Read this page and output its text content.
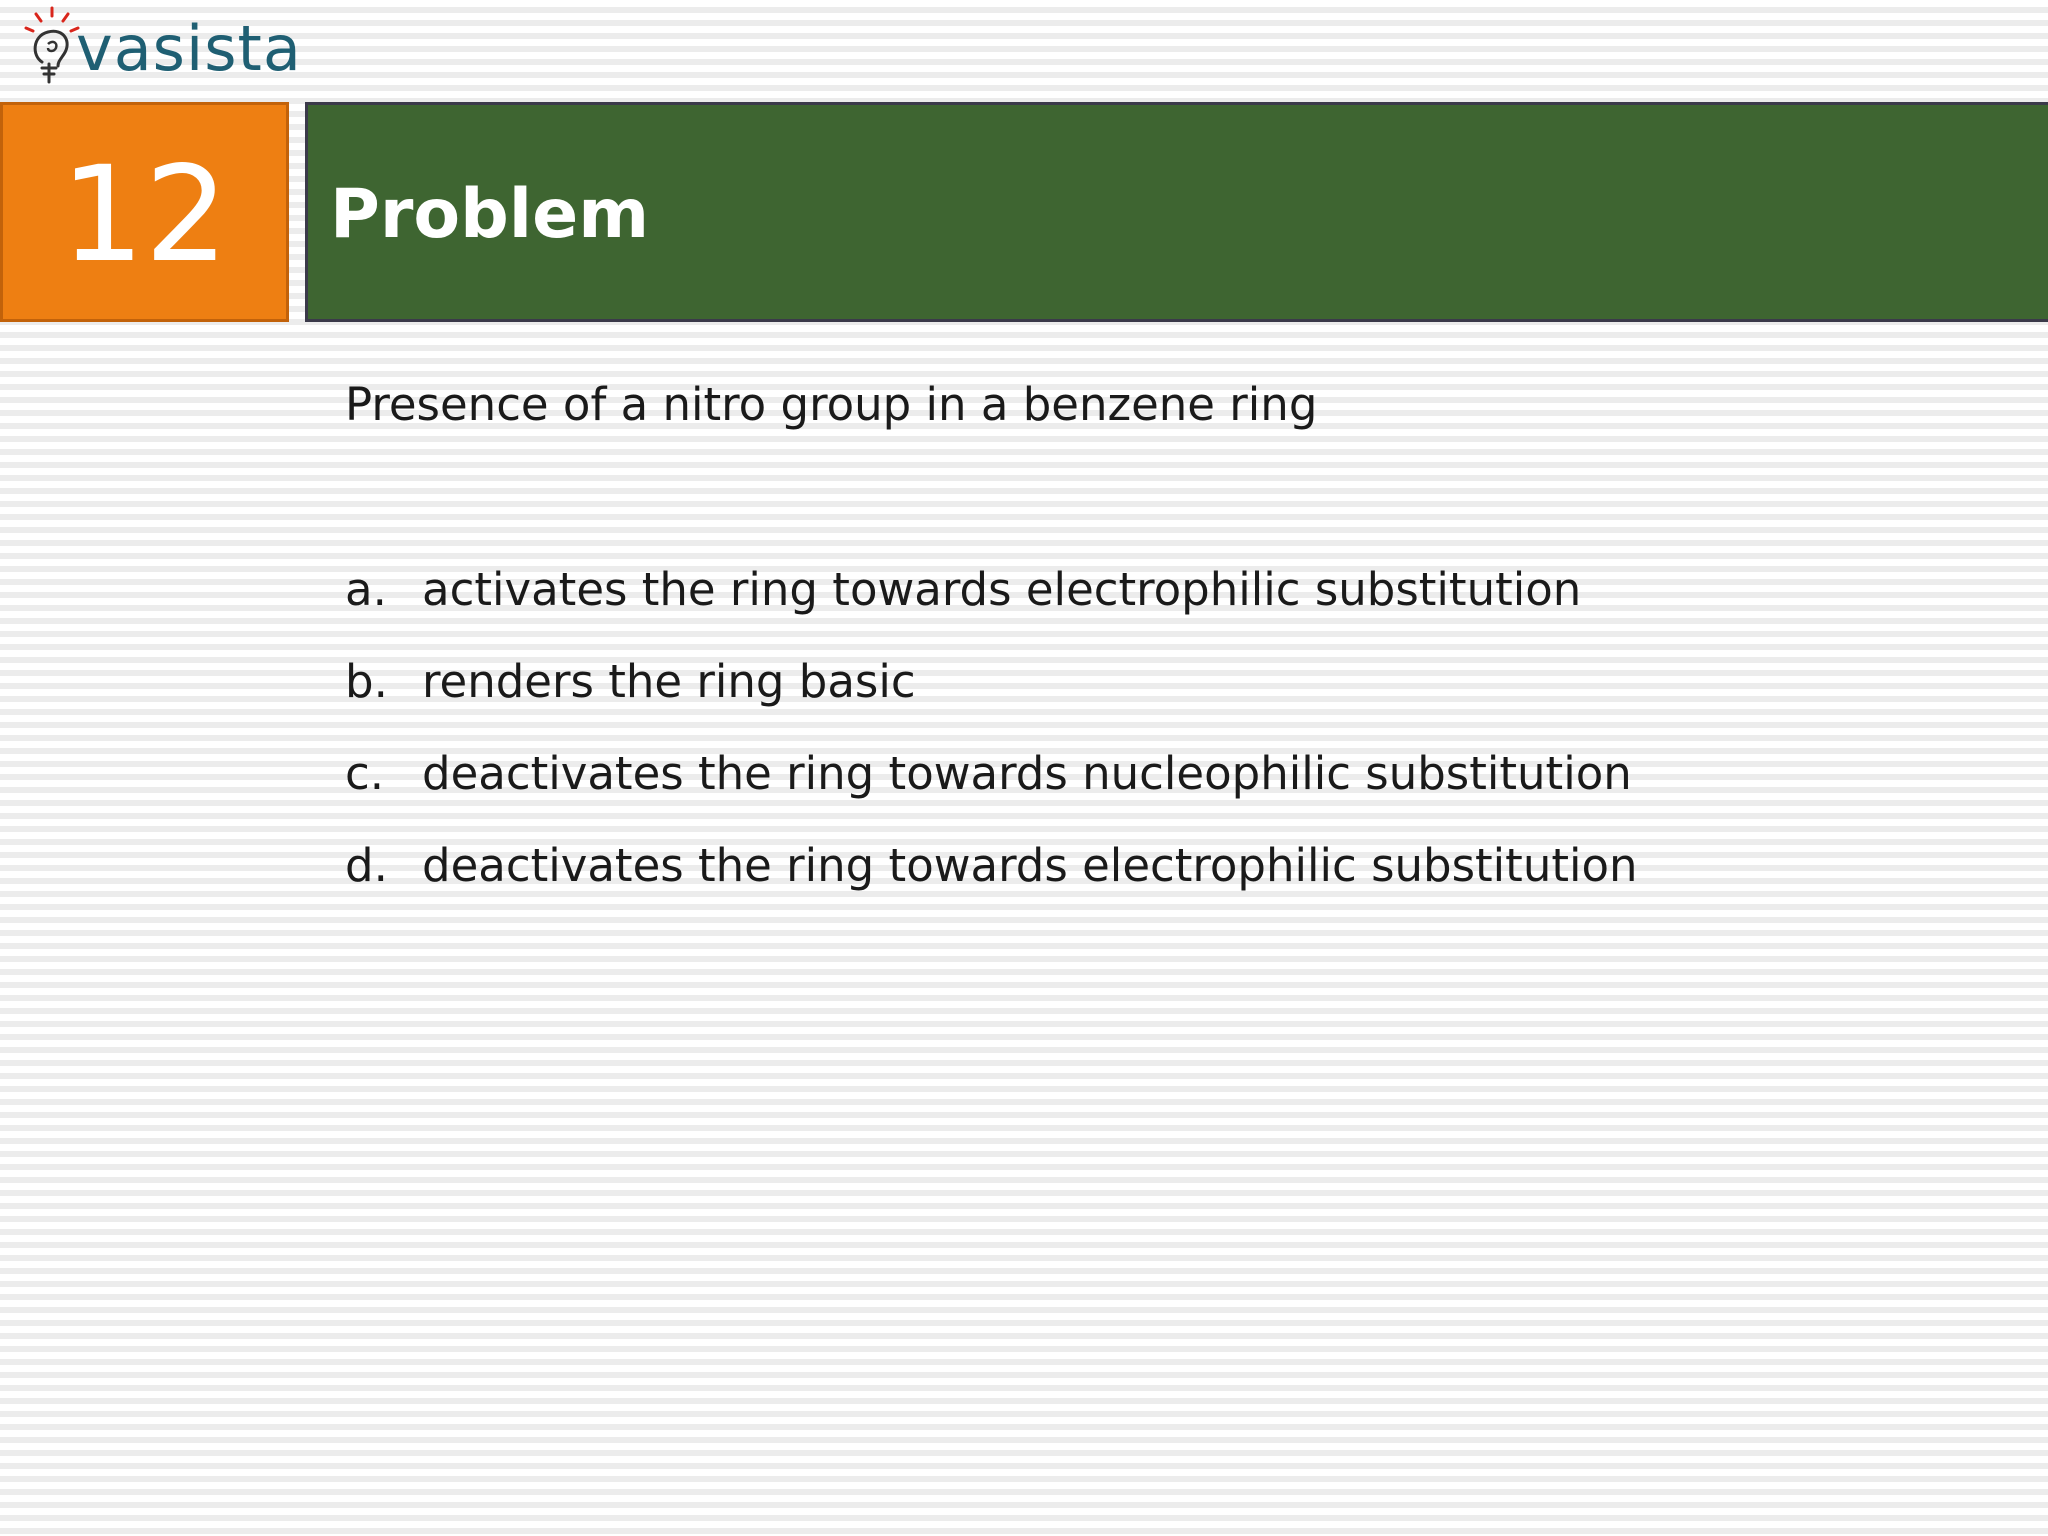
vasista
12 Problem
Presence of a nitro group in a benzene ring
a. activates the ring towards electrophilic substitution
b. renders the ring basic
c. deactivates the ring towards nucleophilic substitution
d. deactivates the ring towards electrophilic substitution
